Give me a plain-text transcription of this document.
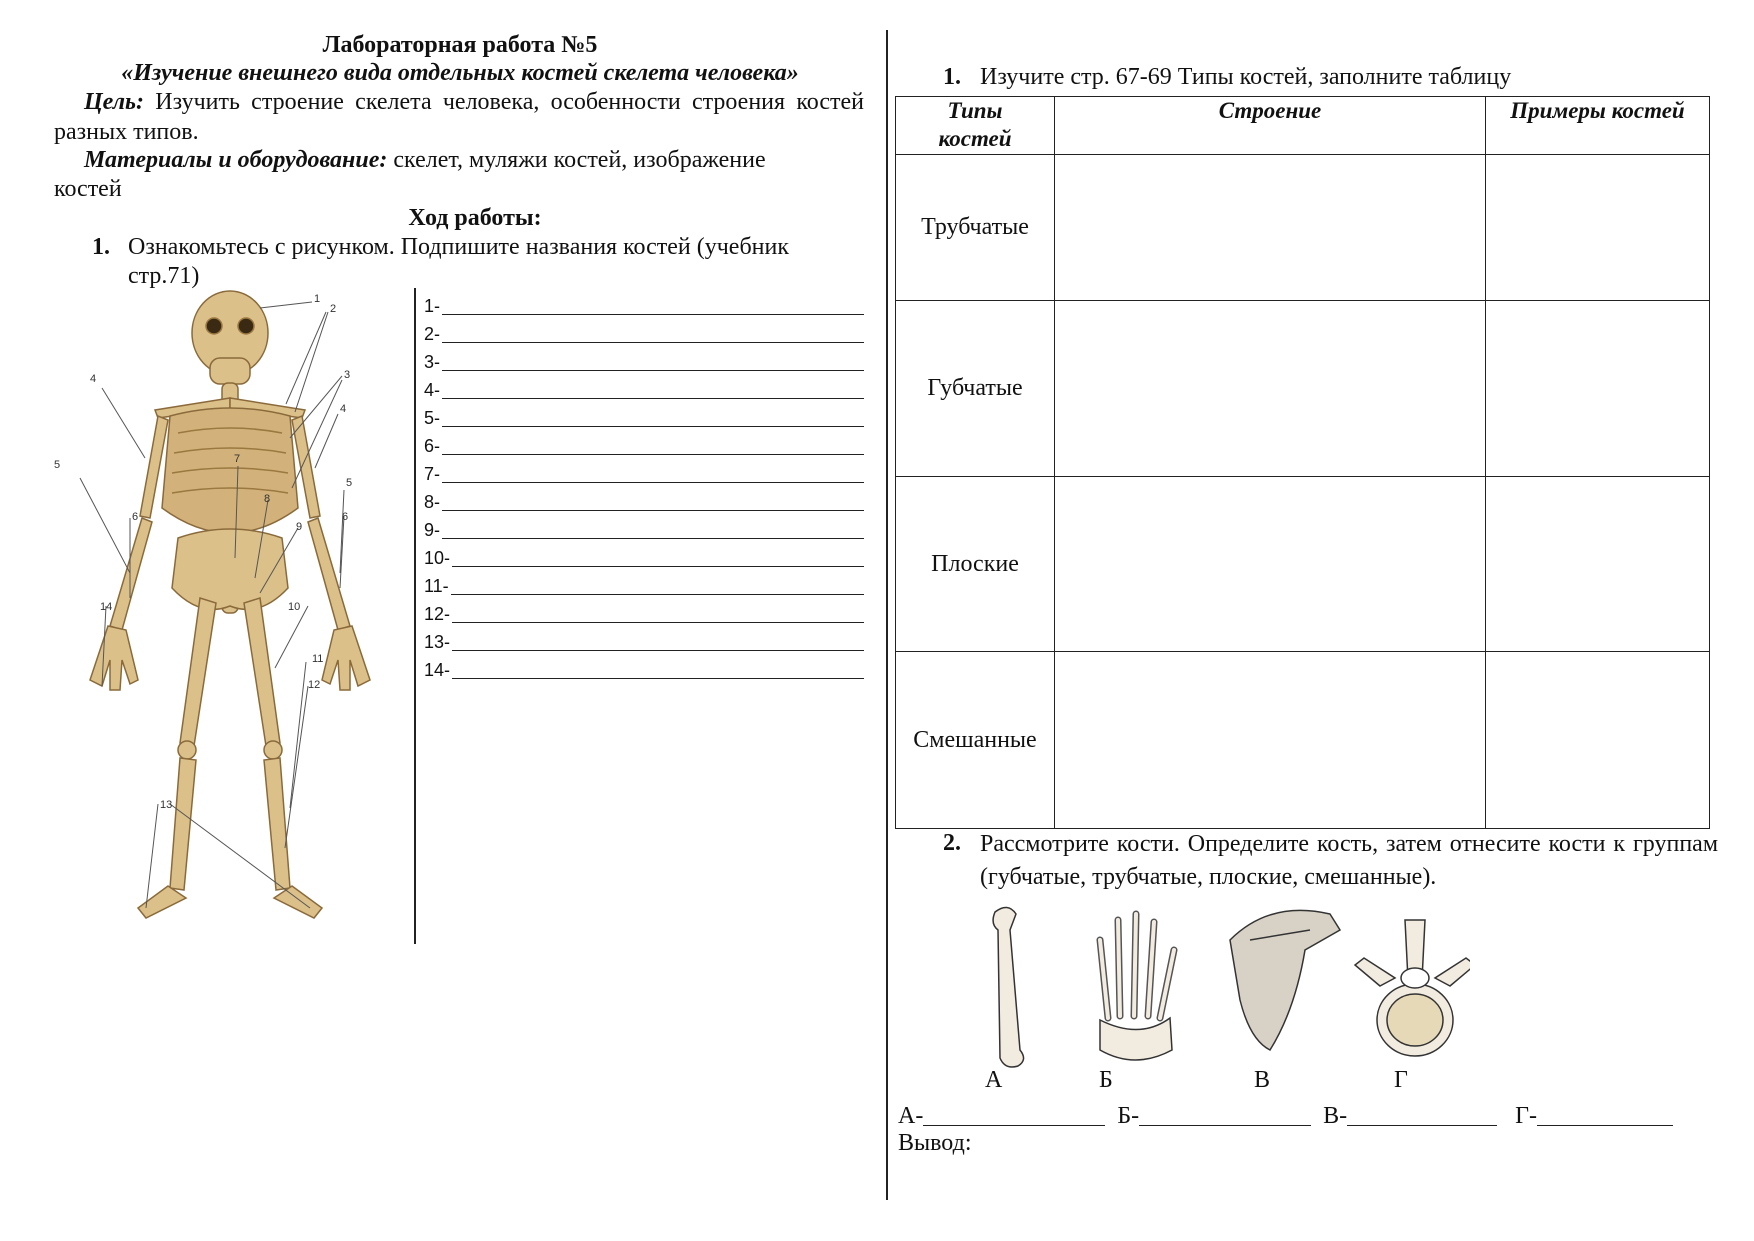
Лабораторная работа №5
«Изучение внешнего вида отдельных костей скелета человека»
Цель: Изучить строение скелета человека, особенности строения костей разных типов.
Материалы и оборудование: скелет, муляжи костей, изображение
костей
Ход работы:
1. Ознакомьтесь с рисунком. Подпишите названия костей (учебник
стр.71)
1
2
3
4
4
5
5
6	6
7
8
9
10
11
12
13
14
1-
2-
3-
4-
5-
6-
7-
8-
9-
10-
11-
12-
13-
14-
1. Изучите стр. 67-69 Типы костей, заполните таблицу
Типы костей	Строение	Примеры костей
Трубчатые		
Губчатые		
Плоские		
Смешанные		
2. Рассмотрите кости. Определите кость, затем отнесите кости к группам (губчатые, трубчатые, плоские, смешанные).
А	Б	В	Г
А-	Б-	В-	Г-
Вывод:
